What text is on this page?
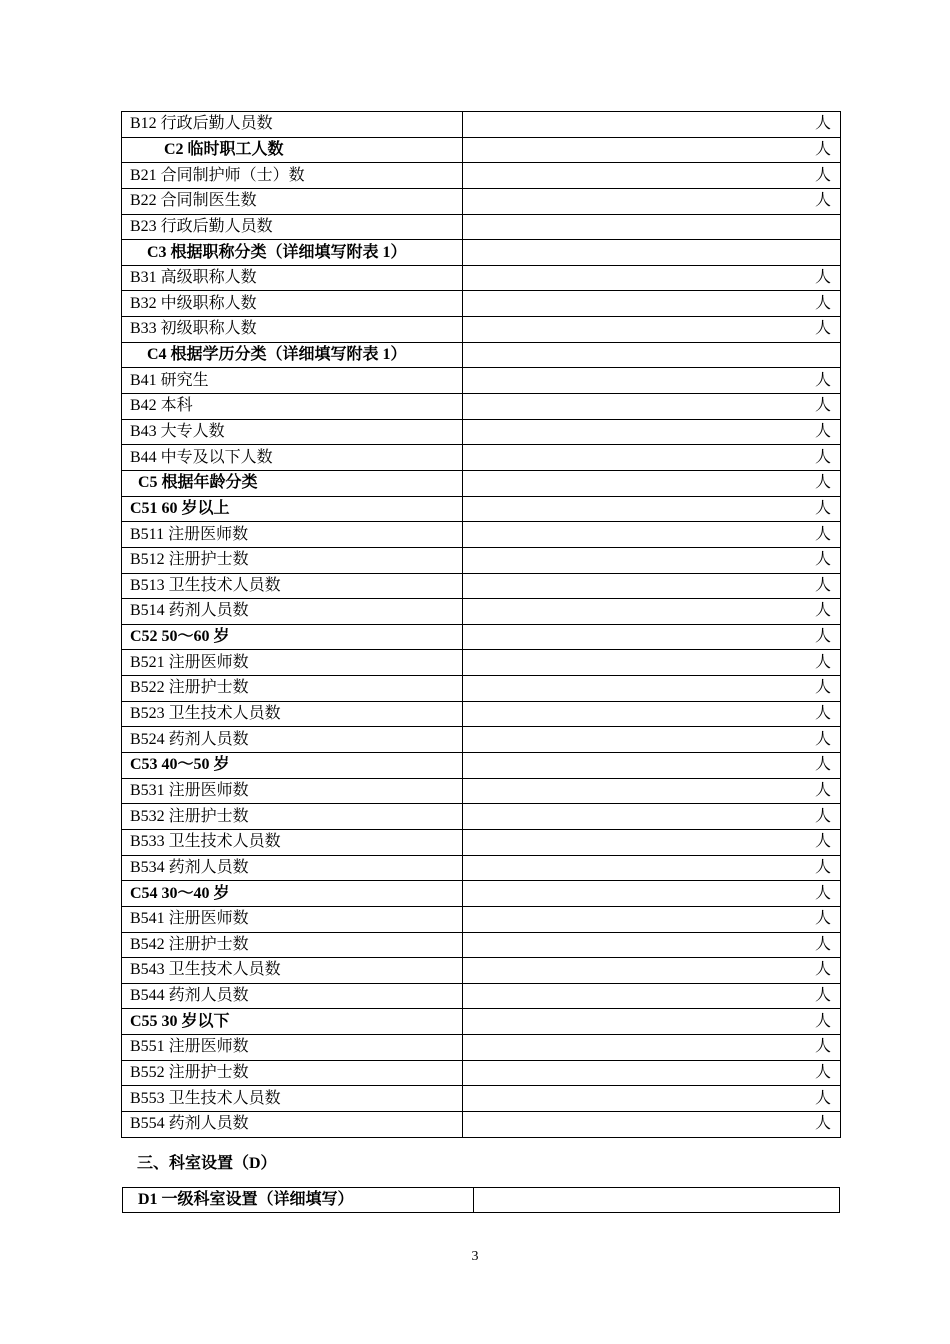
B12 行政后勤人员数	人
C2 临时职工人数	人
B21 合同制护师（士）数	人
B22 合同制医生数	人
B23 行政后勤人员数	
C3 根据职称分类（详细填写附表 1）	
B31 高级职称人数	人
B32 中级职称人数	人
B33 初级职称人数	人
C4 根据学历分类（详细填写附表 1）	
B41 研究生	人
B42 本科	人
B43 大专人数	人
B44 中专及以下人数	人
C5 根据年龄分类	人
C51 60 岁以上	人
B511 注册医师数	人
B512 注册护士数	人
B513 卫生技术人员数	人
B514 药剂人员数	人
C52 50～60 岁	人
B521 注册医师数	人
B522 注册护士数	人
B523 卫生技术人员数	人
B524 药剂人员数	人
C53 40～50 岁	人
B531 注册医师数	人
B532 注册护士数	人
B533 卫生技术人员数	人
B534 药剂人员数	人
C54 30～40 岁	人
B541 注册医师数	人
B542 注册护士数	人
B543 卫生技术人员数	人
B544 药剂人员数	人
C55 30 岁以下	人
B551 注册医师数	人
B552 注册护士数	人
B553 卫生技术人员数	人
B554 药剂人员数	人
三、科室设置（D）
D1 一级科室设置（详细填写）	
3
